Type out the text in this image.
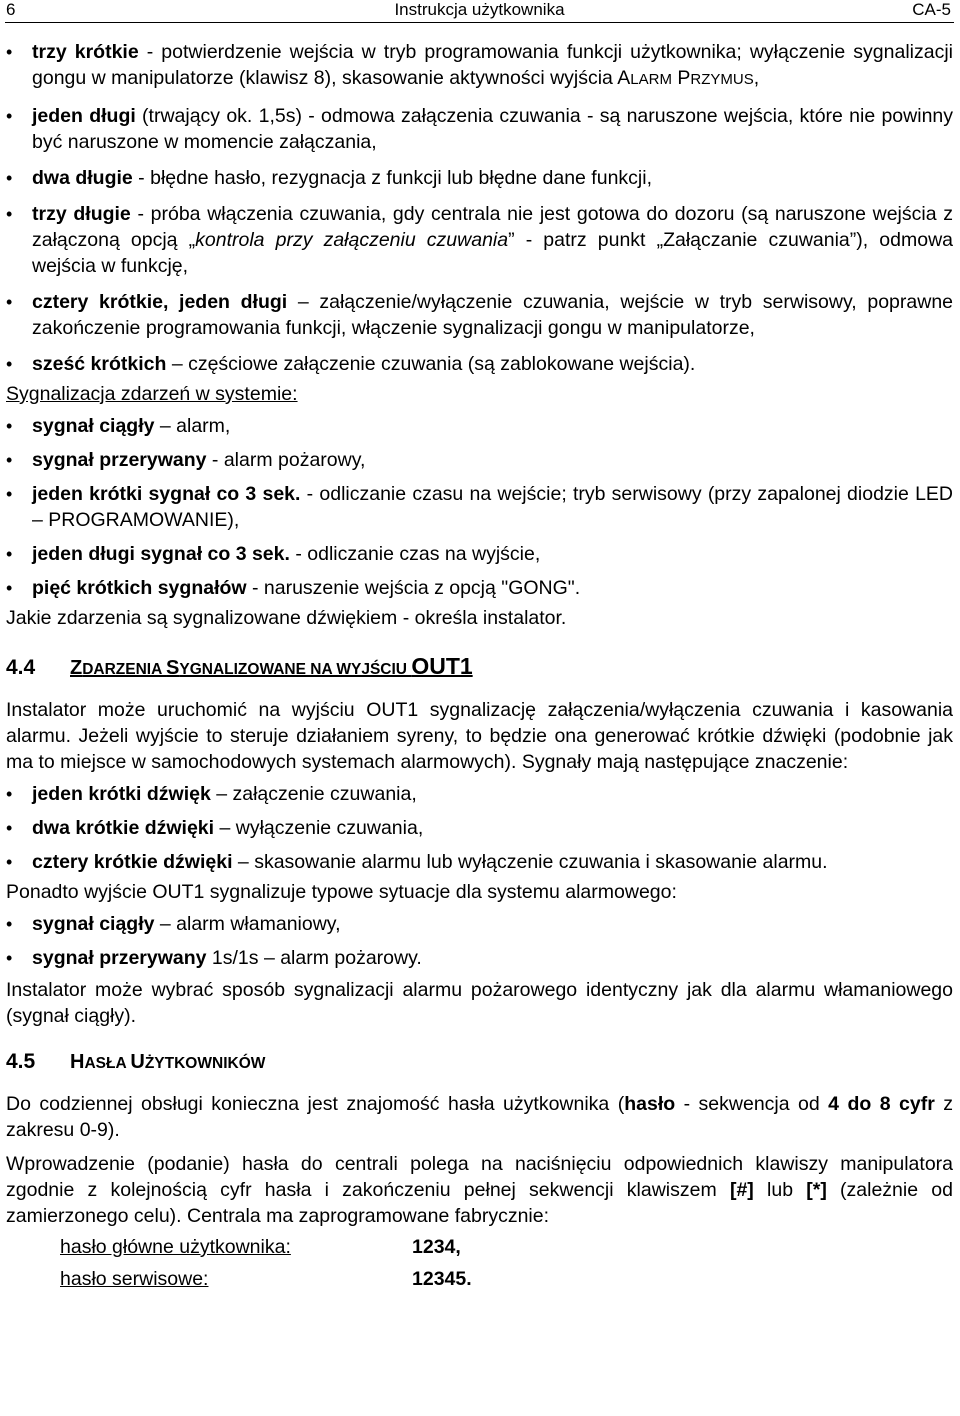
6	Instrukcja użytkownika	CA-5
• trzy krótkie - potwierdzenie wejścia w tryb programowania funkcji użytkownika; wyłączenie sygnalizacji gongu w manipulatorze (klawisz 8), skasowanie aktywności wyjścia ALARM PRZYMUS,
• jeden długi (trwający ok. 1,5s) - odmowa załączenia czuwania - są naruszone wejścia, które nie powinny być naruszone w momencie załączania,
• dwa długie - błędne hasło, rezygnacja z funkcji lub błędne dane funkcji,
• trzy długie - próba włączenia czuwania, gdy centrala nie jest gotowa do dozoru (są naruszone wejścia z załączoną opcją „kontrola przy załączeniu czuwania” - patrz punkt „Załączanie czuwania”), odmowa wejścia w funkcję,
• cztery krótkie, jeden długi – załączenie/wyłączenie czuwania, wejście w tryb serwisowy, poprawne zakończenie programowania funkcji, włączenie sygnalizacji gongu w manipulatorze,
• sześć krótkich – częściowe załączenie czuwania (są zablokowane wejścia).

Sygnalizacja zdarzeń w systemie:

• sygnał ciągły – alarm,
• sygnał przerywany - alarm pożarowy,
• jeden krótki sygnał co 3 sek. - odliczanie czasu na wejście; tryb serwisowy (przy zapalonej diodzie LED – PROGRAMOWANIE),
• jeden długi sygnał co 3 sek. - odliczanie czas na wyjście,
• pięć krótkich sygnałów - naruszenie wejścia z opcją "GONG".

Jakie zdarzenia są sygnalizowane dźwiękiem - określa instalator.

4.4 ZDARZENIA SYGNALIZOWANE NA WYJŚCIU OUT1

Instalator może uruchomić na wyjściu OUT1 sygnalizację załączenia/wyłączenia czuwania i kasowania alarmu. Jeżeli wyjście to steruje działaniem syreny, to będzie ona generować krótkie dźwięki (podobnie jak ma to miejsce w samochodowych systemach alarmowych). Sygnały mają następujące znaczenie:

• jeden krótki dźwięk – załączenie czuwania,
• dwa krótkie dźwięki – wyłączenie czuwania,
• cztery krótkie dźwięki – skasowanie alarmu lub wyłączenie czuwania i skasowanie alarmu.

Ponadto wyjście OUT1 sygnalizuje typowe sytuacje dla systemu alarmowego:

• sygnał ciągły – alarm włamaniowy,
• sygnał przerywany 1s/1s – alarm pożarowy.

Instalator może wybrać sposób sygnalizacji alarmu pożarowego identyczny jak dla alarmu włamaniowego (sygnał ciągły).

4.5 HASŁA UŻYTKOWNIKÓW

Do codziennej obsługi konieczna jest znajomość hasła użytkownika (hasło - sekwencja od 4 do 8 cyfr z zakresu 0-9).

Wprowadzenie (podanie) hasła do centrali polega na naciśnięciu odpowiednich klawiszy manipulatora zgodnie z kolejnością cyfr hasła i zakończeniu pełnej sekwencji klawiszem [#] lub [*] (zależnie od zamierzonego celu). Centrala ma zaprogramowane fabrycznie:

hasło główne użytkownika:	1234,
hasło serwisowe:	12345.
